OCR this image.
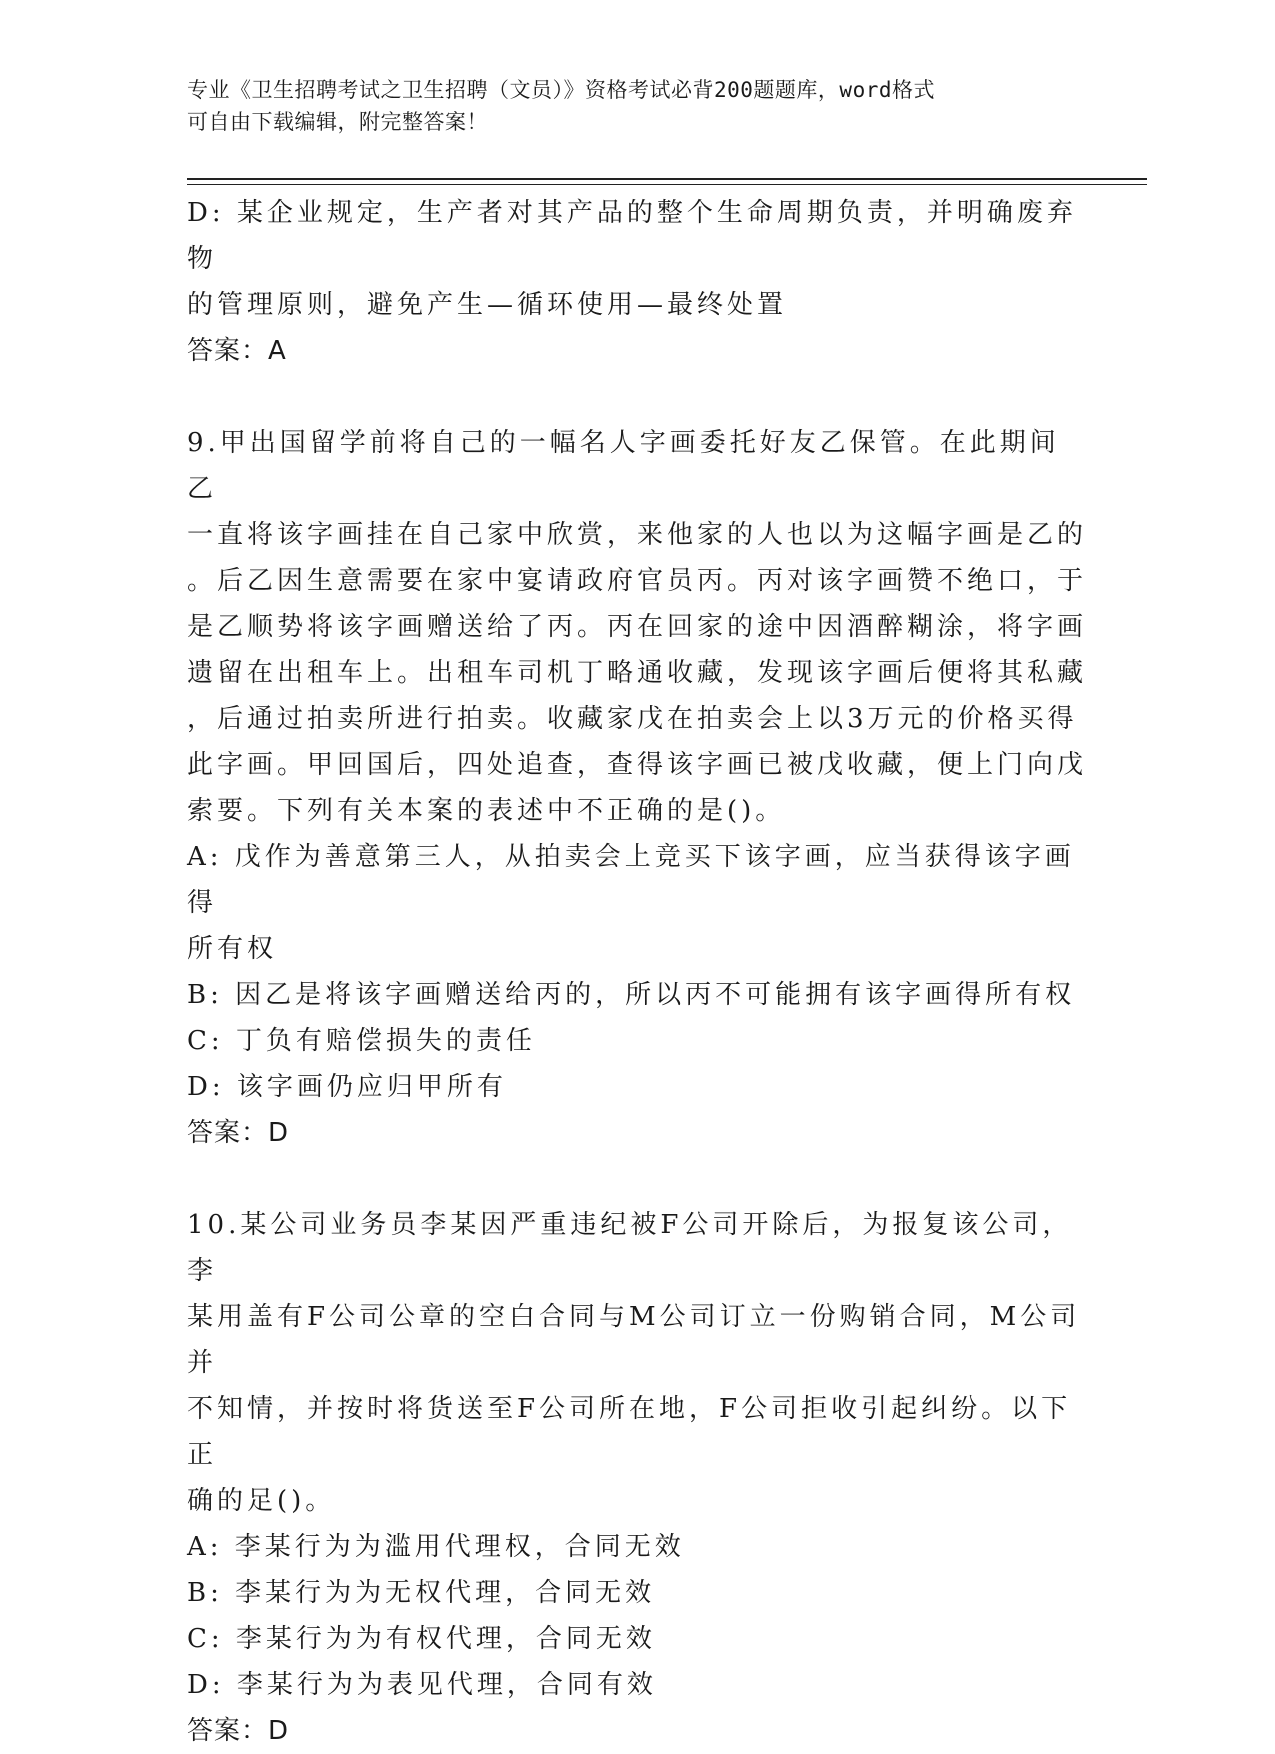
专业《卫生招聘考试之卫生招聘（文员）》资格考试必背200题题库，word格式

可自由下载编辑，附完整答案！

D: 某企业规定，生产者对其产品的整个生命周期负责，并明确废弃物

的管理原则，避免产生—循环使用—最终处置

答案：A

9.甲出国留学前将自己的一幅名人字画委托好友乙保管。在此期间乙

一直将该字画挂在自己家中欣赏，来他家的人也以为这幅字画是乙的

。后乙因生意需要在家中宴请政府官员丙。丙对该字画赞不绝口，于

是乙顺势将该字画赠送给了丙。丙在回家的途中因酒醉糊涂，将字画

遗留在出租车上。出租车司机丁略通收藏，发现该字画后便将其私藏

，后通过拍卖所进行拍卖。收藏家戊在拍卖会上以3万元的价格买得

此字画。甲回国后，四处追查，查得该字画已被戊收藏，便上门向戊

索要。下列有关本案的表述中不正确的是()。

A: 戊作为善意第三人，从拍卖会上竞买下该字画，应当获得该字画得

所有权

B: 因乙是将该字画赠送给丙的，所以丙不可能拥有该字画得所有权

C: 丁负有赔偿损失的责任

D: 该字画仍应归甲所有

答案：D

10.某公司业务员李某因严重违纪被F公司开除后，为报复该公司，李

某用盖有F公司公章的空白合同与M公司订立一份购销合同，M公司并

不知情，并按时将货送至F公司所在地，F公司拒收引起纠纷。以下正

确的足()。

A: 李某行为为滥用代理权，合同无效

B: 李某行为为无权代理，合同无效

C: 李某行为为有权代理，合同无效

D: 李某行为为表见代理，合同有效

答案：D
